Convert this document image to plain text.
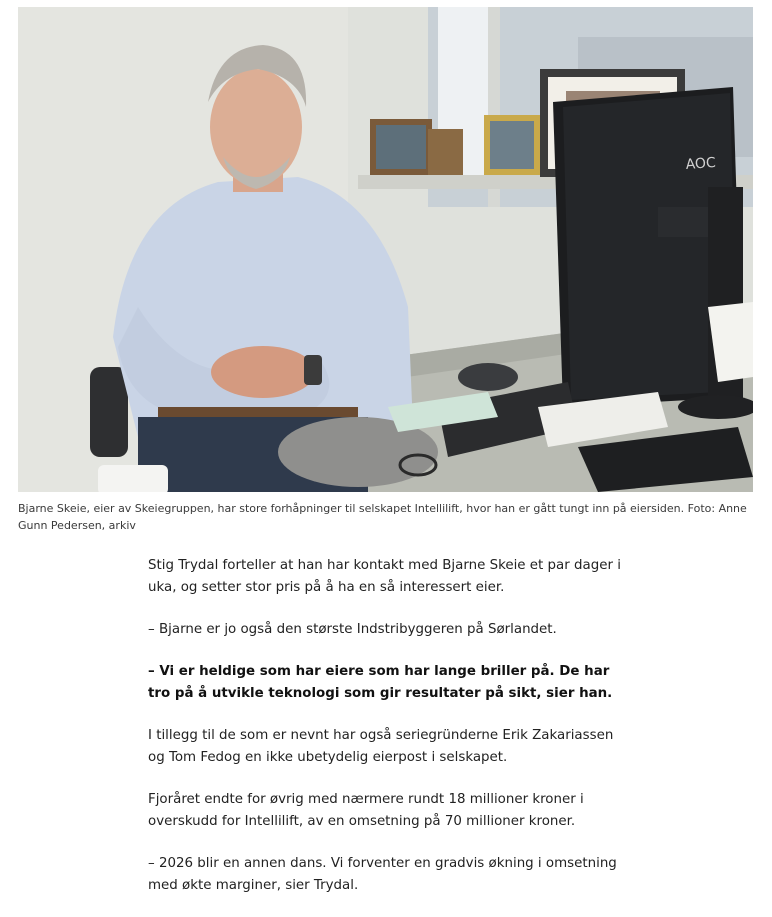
AOC
Bjarne Skeie, eier av Skeiegruppen, har store forhåpninger til selskapet Intellilift, hvor han er gått tungt inn på eiersiden. Foto: Anne Gunn Pedersen, arkiv

Stig Trydal forteller at han har kontakt med Bjarne Skeie et par dager i uka, og setter stor pris på å ha en så interessert eier.

– Bjarne er jo også den største Indstribyggeren på Sørlandet.

– Vi er heldige som har eiere som har lange briller på. De har tro på å utvikle teknologi som gir resultater på sikt, sier han.

I tillegg til de som er nevnt har også seriegründerne Erik Zakariassen og Tom Fedog en ikke ubetydelig eierpost i selskapet.

Fjoråret endte for øvrig med nærmere rundt 18 millioner kroner i overskudd for Intellilift, av en omsetning på 70 millioner kroner.

– 2026 blir en annen dans. Vi forventer en gradvis økning i omsetning med økte marginer, sier Trydal.
